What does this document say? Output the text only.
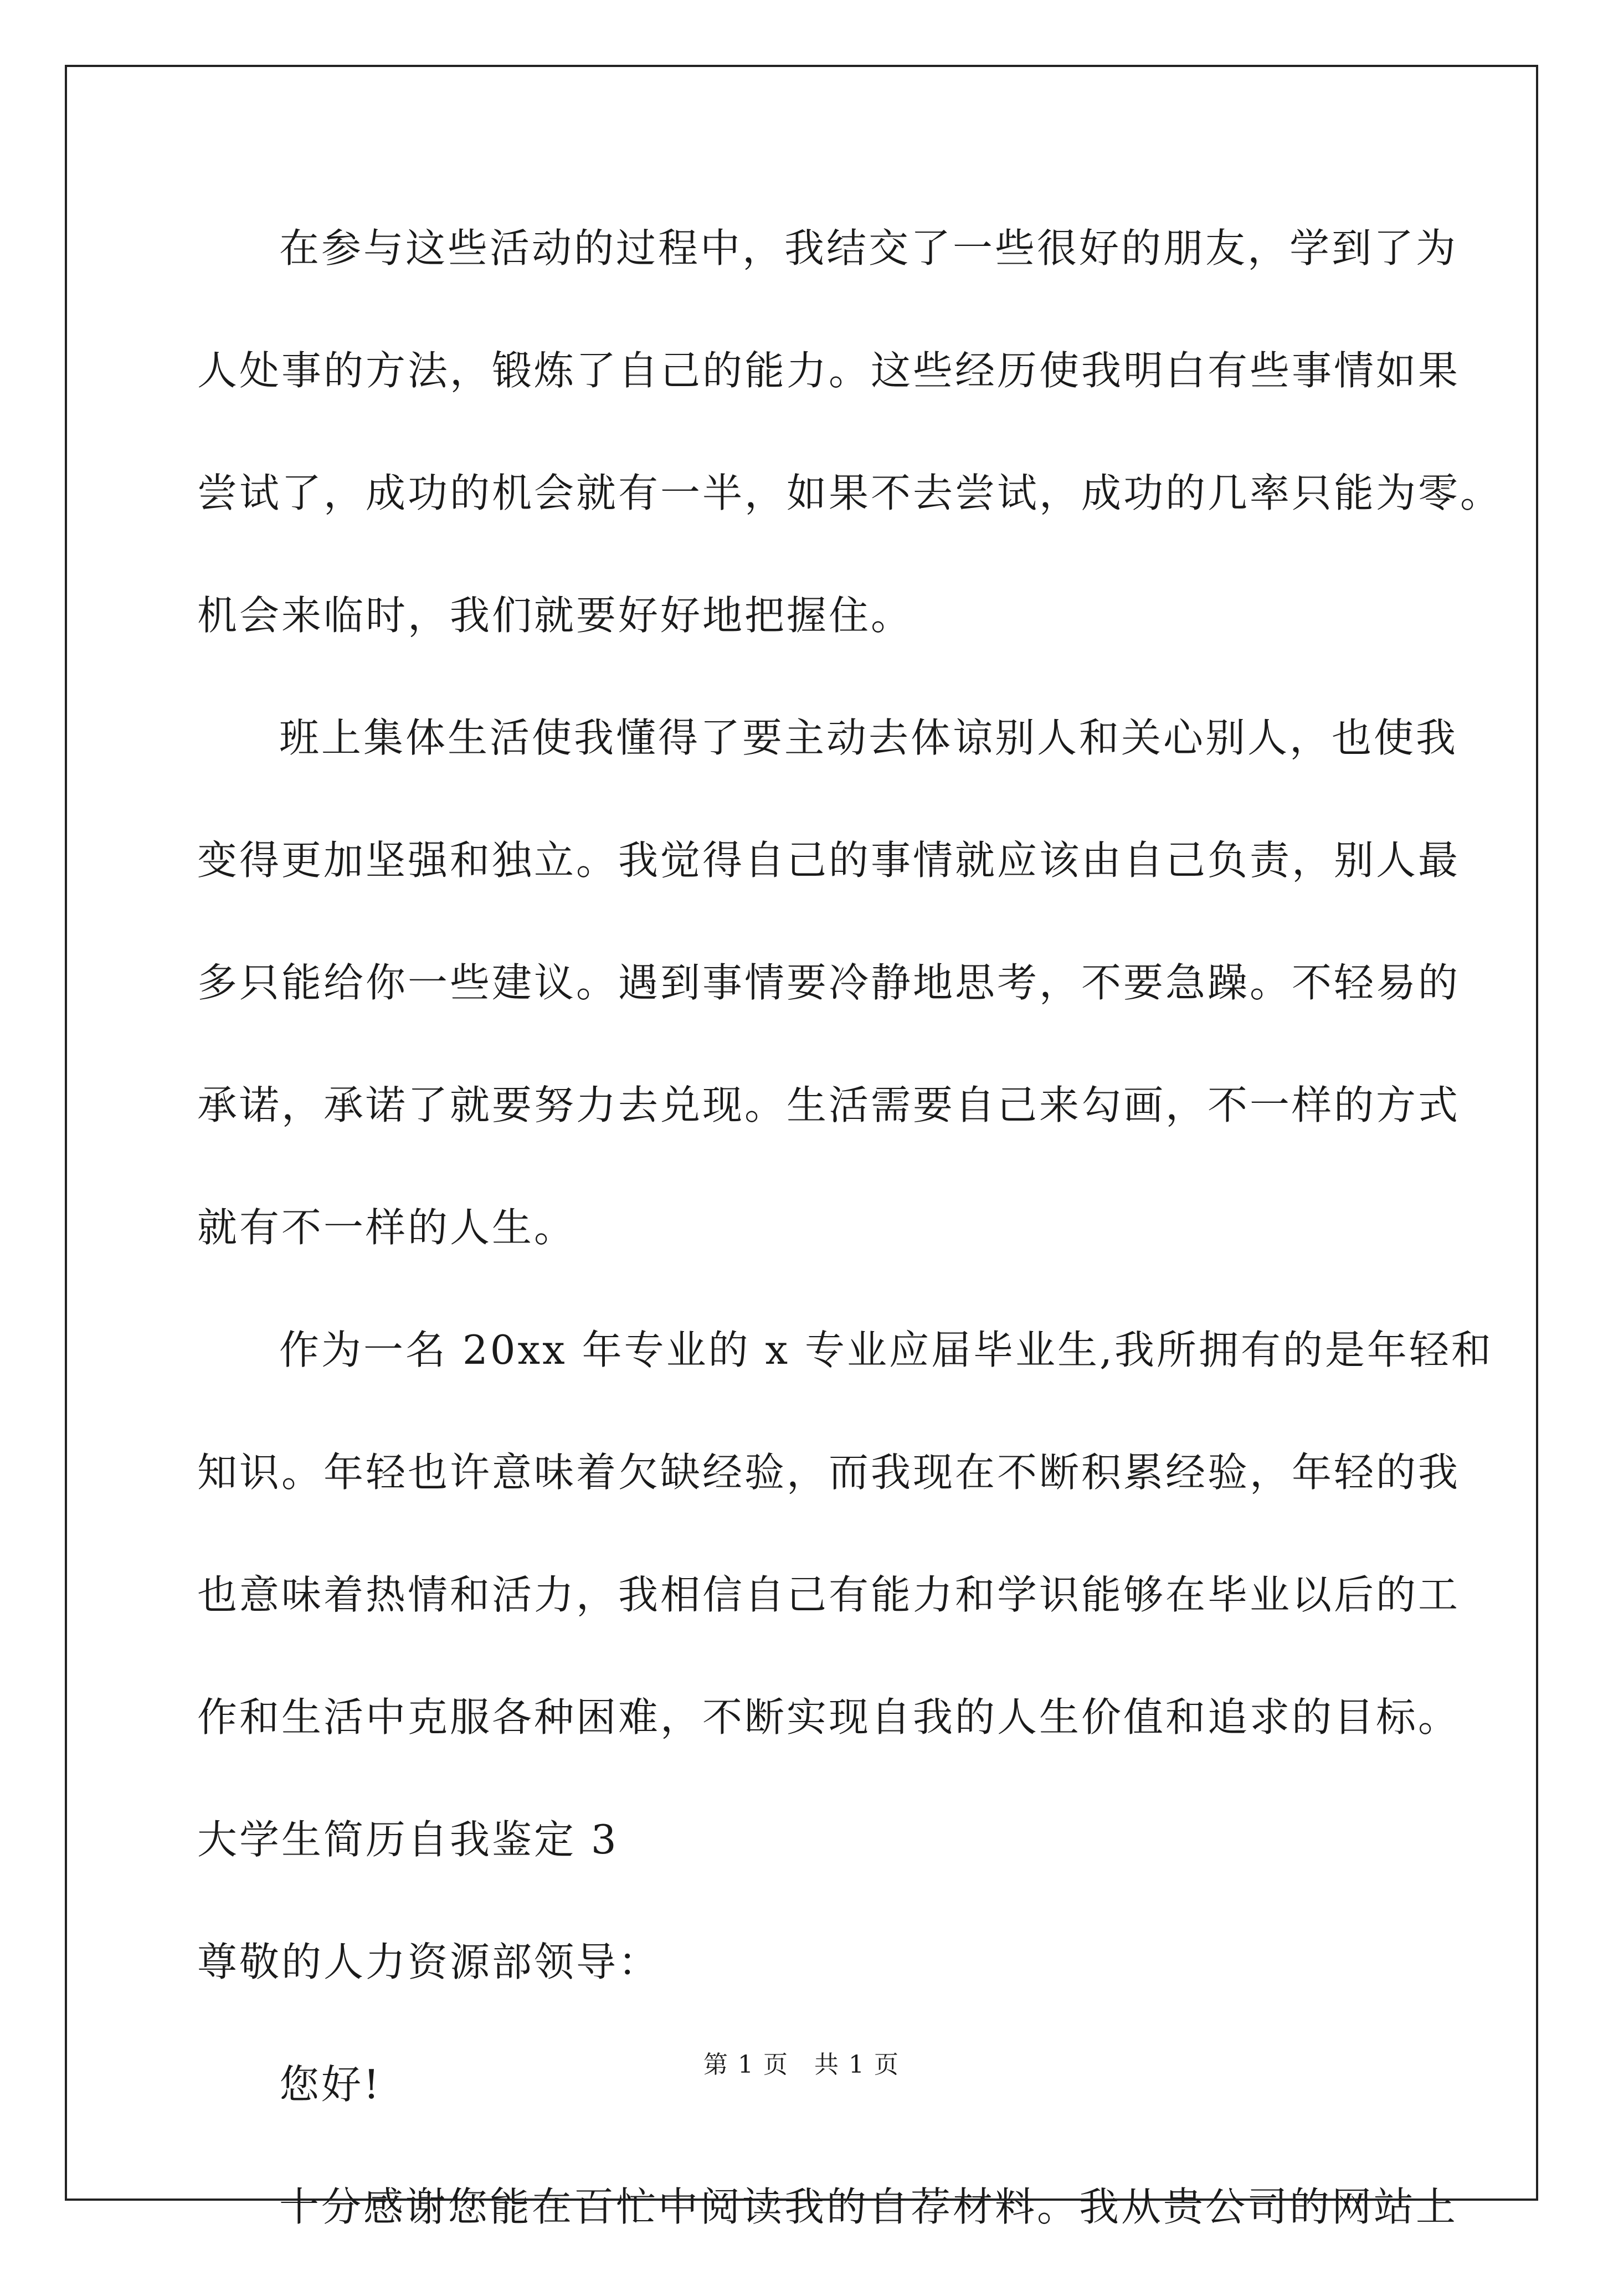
在参与这些活动的过程中，我结交了一些很好的朋友，学到了为
人处事的方法，锻炼了自己的能力。这些经历使我明白有些事情如果
尝试了，成功的机会就有一半，如果不去尝试，成功的几率只能为零。
机会来临时，我们就要好好地把握住。
班上集体生活使我懂得了要主动去体谅别人和关心别人，也使我
变得更加坚强和独立。我觉得自己的事情就应该由自己负责，别人最
多只能给你一些建议。遇到事情要冷静地思考，不要急躁。不轻易的
承诺，承诺了就要努力去兑现。生活需要自己来勾画，不一样的方式
就有不一样的人生。
作为一名 20xx 年专业的 x 专业应届毕业生,我所拥有的是年轻和
知识。年轻也许意味着欠缺经验，而我现在不断积累经验，年轻的我
也意味着热情和活力，我相信自己有能力和学识能够在毕业以后的工
作和生活中克服各种困难，不断实现自我的人生价值和追求的目标。
大学生简历自我鉴定 3
尊敬的人力资源部领导：
您好!
十分感谢您能在百忙中阅读我的自荐材料。我从贵公司的网站上
第 1 页　共 1 页
